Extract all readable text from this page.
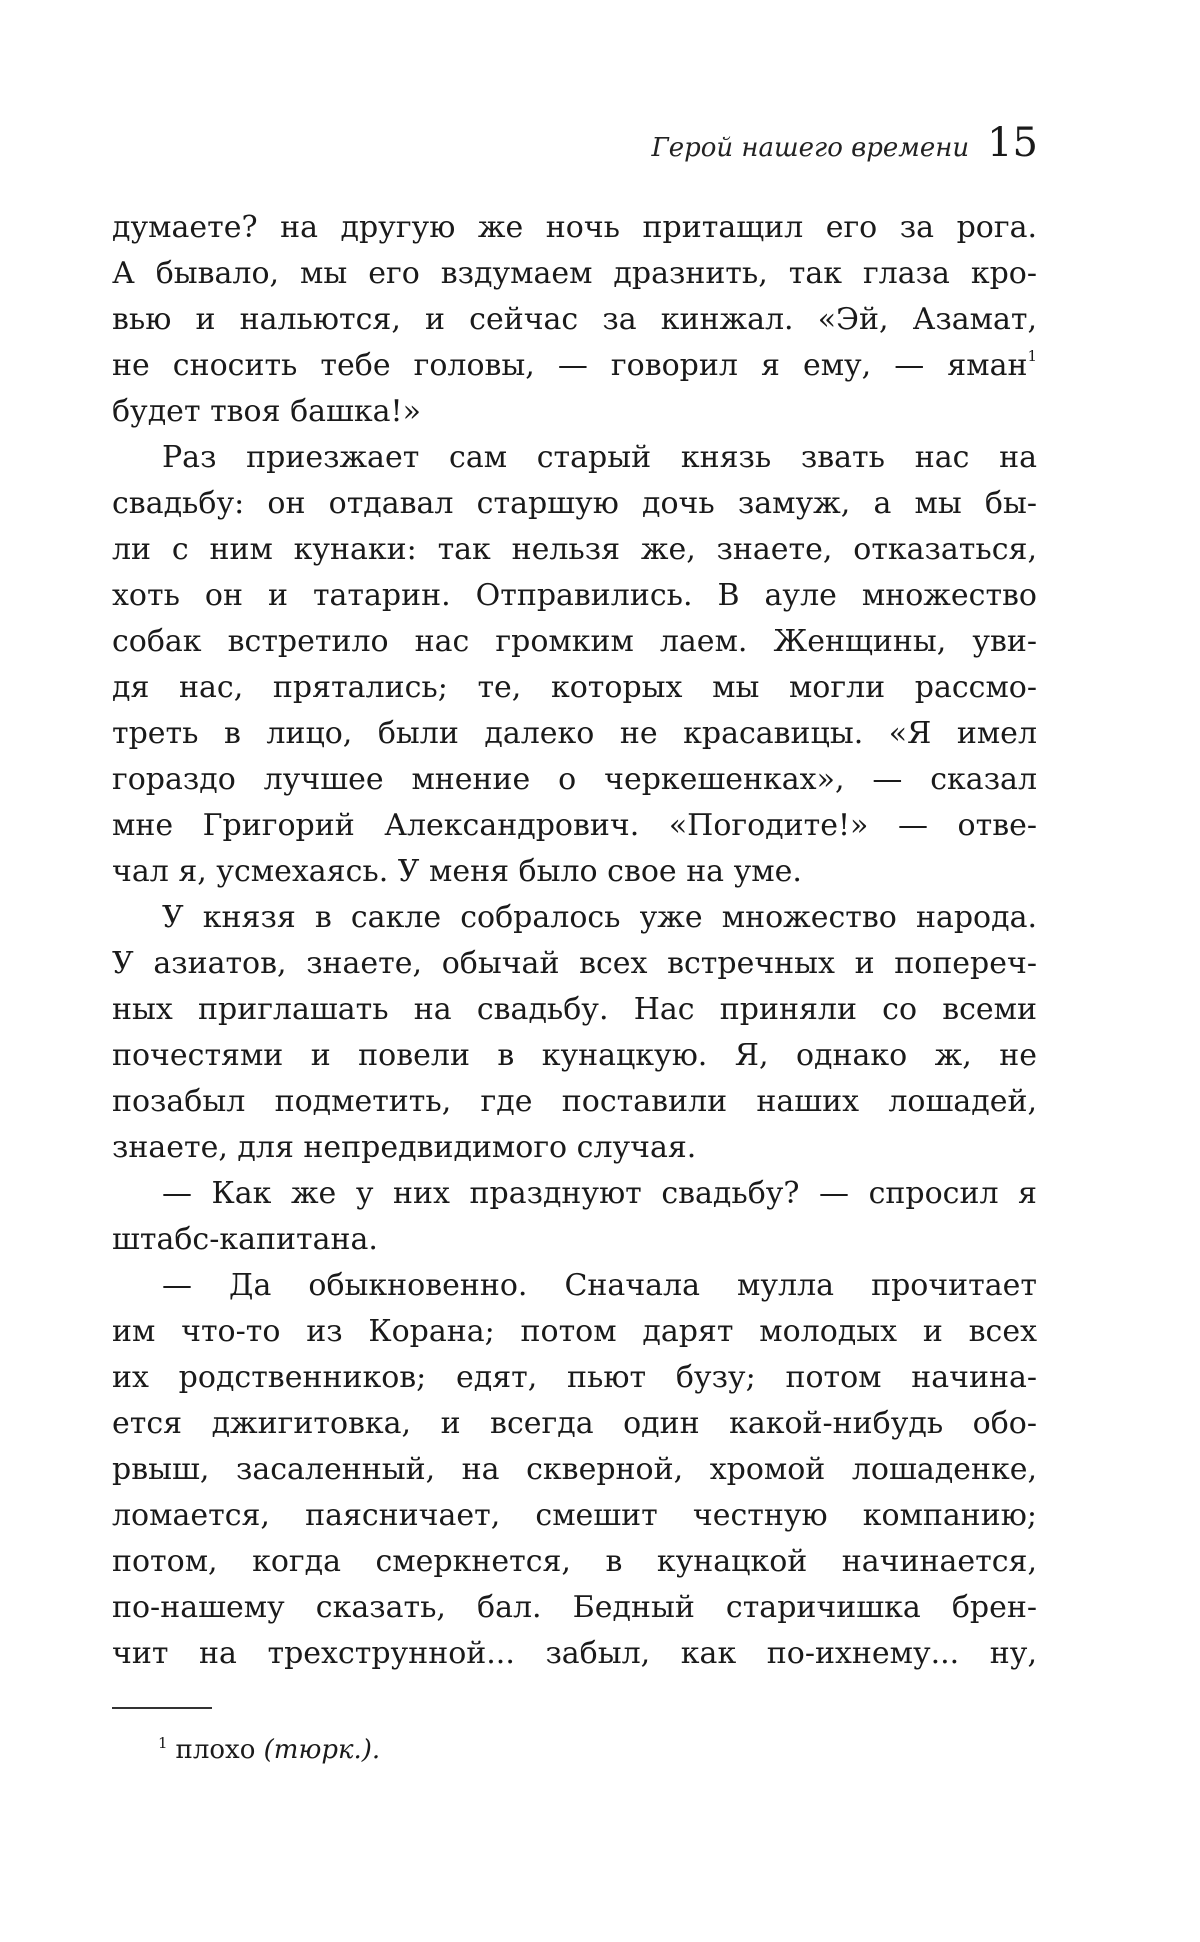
Герой нашего времени 15

думаете? на другую же ночь притащил его за рога.
А бывало, мы его вздумаем дразнить, так глаза кро-
вью и нальются, и сейчас за кинжал. «Эй, Азамат,
не сносить тебе головы, — говорил я ему, — яман$^1$
будет твоя башка!»

Раз приезжает сам старый князь звать нас на
свадьбу: он отдавал старшую дочь замуж, а мы бы-
ли с ним кунаки: так нельзя же, знаете, отказаться,
хоть он и татарин. Отправились. В ауле множество
собак встретило нас громким лаем. Женщины, уви-
дя нас, прятались; те, которых мы могли рассмо-
треть в лицо, были далеко не красавицы. «Я имел
гораздо лучшее мнение о черкешенках», — сказал
мне Григорий Александрович. «Погодите!» — отве-
чал я, усмехаясь. У меня было свое на уме.

У князя в сакле собралось уже множество народа.
У азиатов, знаете, обычай всех встречных и попереч-
ных приглашать на свадьбу. Нас приняли со всеми
почестями и повели в кунацкую. Я, однако ж, не
позабыл подметить, где поставили наших лошадей,
знаете, для непредвидимого случая.

— Как же у них празднуют свадьбу? — спросил я
штабс-капитана.

— Да обыкновенно. Сначала мулла прочитает
им что-то из Корана; потом дарят молодых и всех
их родственников; едят, пьют бузу; потом начина-
ется джигитовка, и всегда один какой-нибудь обо-
рвыш, засаленный, на скверной, хромой лошаденке,
ломается, паясничает, смешит честную компанию;
потом, когда смеркнется, в кунацкой начинается,
по-нашему сказать, бал. Бедный старичишка брен-
чит на трехструнной... забыл, как по-ихнему... ну,

$^1$ плохо (тюрк.).
